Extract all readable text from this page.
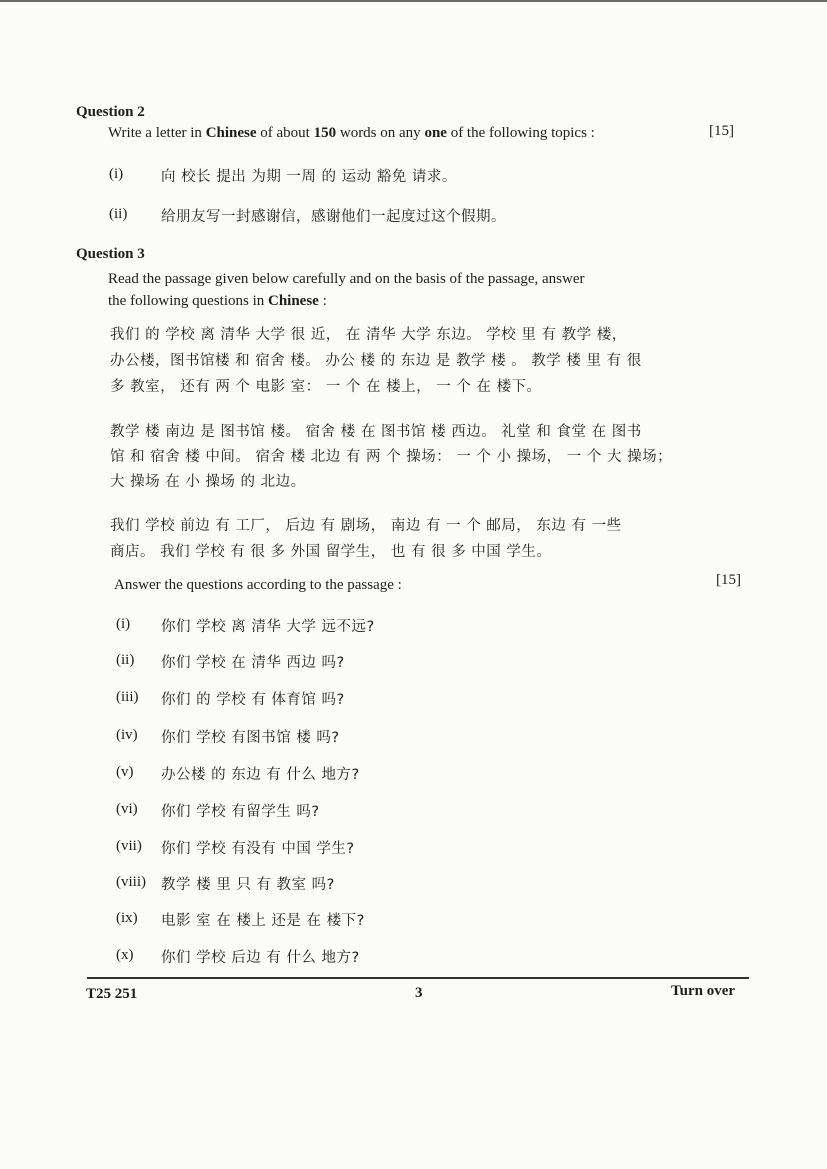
Question 2
Write a letter in Chinese of about 150 words on any one of the following topics :	[15]
(i)	向 校长 提出 为期 一周 的 运动 豁免 请求。
(ii) 给朋友写一封感谢信，感谢他们一起度过这个假期。
Question 3
Read the passage given below carefully and on the basis of the passage, answer
the following questions in Chinese :
我们 的 学校 离 清华 大学 很 近， 在 清华 大学 东边。 学校 里 有 教学 楼，
办公楼，图书馆楼 和 宿舍 楼。 办公 楼 的 东边 是 教学 楼 。 教学 楼 里 有 很
多 教室， 还有 两 个 电影 室： 一 个 在 楼上， 一 个 在 楼下。
教学 楼 南边 是 图书馆 楼。 宿舍 楼 在 图书馆 楼 西边。 礼堂 和 食堂 在 图书
馆 和 宿舍 楼 中间。 宿舍 楼 北边 有 两 个 操场： 一 个 小 操场， 一 个 大 操场；
大 操场 在 小 操场 的 北边。
我们 学校 前边 有 工厂， 后边 有 剧场， 南边 有 一 个 邮局， 东边 有 一些
商店。 我们 学校 有 很 多 外国 留学生， 也 有 很 多 中国 学生。
Answer the questions according to the passage :	[15]
(i) 你们 学校 离 清华 大学 远不远?
(ii) 你们 学校 在 清华 西边 吗?
(iii) 你们 的 学校 有 体育馆 吗?
(iv) 你们 学校 有图书馆 楼 吗?
(v) 办公楼 的 东边 有 什么 地方?
(vi) 你们 学校 有留学生 吗?
(vii) 你们 学校 有没有 中国 学生?
(viii) 教学 楼 里 只 有 教室 吗?
(ix) 电影 室 在 楼上 还是 在 楼下?
(x) 你们 学校 后边 有 什么 地方?
T25 251	3	Turn over
